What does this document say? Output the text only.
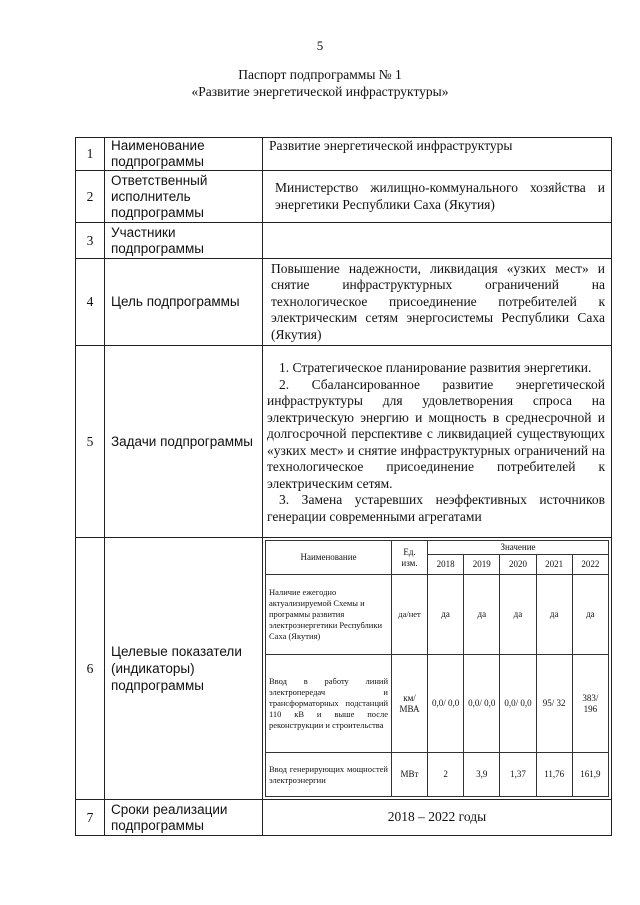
5
Паспорт подпрограммы № 1
«Развитие энергетической инфраструктуры»
1	Наименование подпрограммы	Развитие энергетической инфраструктуры
2	Ответственный исполнитель подпрограммы	Министерство жилищно-коммунального хозяйства и энергетики Республики Саха (Якутия)
3	Участники подпрограммы	
4	Цель подпрограммы	Повышение надежности, ликвидация «узких мест» и снятие инфраструктурных ограничений на технологическое присоединение потребителей к электрическим сетям энергосистемы Республики Саха (Якутия)
5	Задачи подпрограммы	
1. Стратегическое планирование развития энергетики.
2. Сбалансированное развитие энергетической инфраструктуры для удовлетворения спроса на электрическую энергию и мощность в среднесрочной и долгосрочной перспективе с ликвидацией существующих «узких мест» и снятие инфраструктурных ограничений на технологическое присоединение потребителей к электрическим сетям.
3. Замена устаревших неэффективных источников генерации современными агрегатами

6	Целевые показатели (индикаторы) подпрограммы	
Наименование	Ед. изм.	Значение
2018	2019	2020	2021	2022
Наличие ежегодно актуализируемой Схемы и программы развития электроэнергетики Республики Саха (Якутия)	да/нет	да	да	да	да	да
Ввод в работу линий электропередач и трансформаторных подстанций 110 кВ и выше после реконструкции и строительства	км/ МВА	0,0/ 0,0	0,0/ 0,0	0,0/ 0,0	95/ 32	383/ 196
Ввод генерирующих мощностей электроэнергии	МВт	2	3,9	1,37	11,76	161,9

7	Сроки реализации подпрограммы	2018 – 2022 годы
